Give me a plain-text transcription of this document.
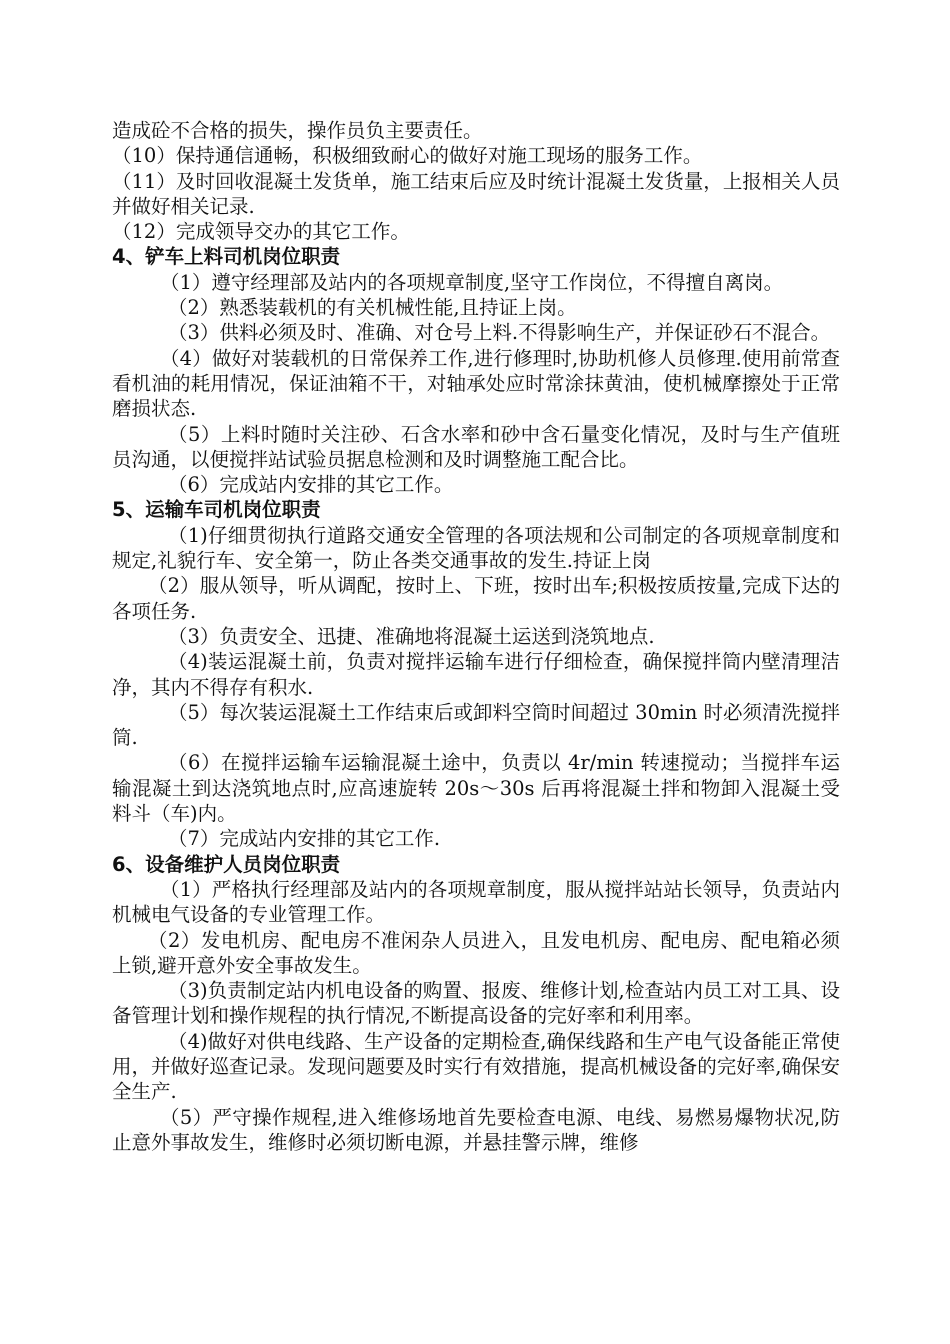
造成砼不合格的损失，操作员负主要责任。

（10）保持通信通畅，积极细致耐心的做好对施工现场的服务工作。

（11）及时回收混凝土发货单，施工结束后应及时统计混凝土发货量，上报相关人员并做好相关记录.

（12）完成领导交办的其它工作。

4、铲车上料司机岗位职责

（1）遵守经理部及站内的各项规章制度,坚守工作岗位，不得擅自离岗。

（2）熟悉装载机的有关机械性能,且持证上岗。

（3）供料必须及时、准确、对仓号上料.不得影响生产，并保证砂石不混合。

（4）做好对装载机的日常保养工作,进行修理时,协助机修人员修理.使用前常查看机油的耗用情况，保证油箱不干，对轴承处应时常涂抹黄油，使机械摩擦处于正常磨损状态.

（5）上料时随时关注砂、石含水率和砂中含石量变化情况，及时与生产值班员沟通，以便搅拌站试验员据息检测和及时调整施工配合比。

（6）完成站内安排的其它工作。

5、运输车司机岗位职责

（1)仔细贯彻执行道路交通安全管理的各项法规和公司制定的各项规章制度和规定,礼貌行车、安全第一，防止各类交通事故的发生.持证上岗

（2）服从领导，听从调配，按时上、下班，按时出车;积极按质按量,完成下达的各项任务.

（3）负责安全、迅捷、准确地将混凝土运送到浇筑地点.

（4)装运混凝土前，负责对搅拌运输车进行仔细检查，确保搅拌筒内壁清理洁净，其内不得存有积水.

（5）每次装运混凝土工作结束后或卸料空筒时间超过 30min 时必须清洗搅拌筒.

（6）在搅拌运输车运输混凝土途中，负责以 4r/min 转速搅动；当搅拌车运输混凝土到达浇筑地点时,应高速旋转 20s～30s 后再将混凝土拌和物卸入混凝土受料斗（车)内。

（7）完成站内安排的其它工作.

6、设备维护人员岗位职责

（1）严格执行经理部及站内的各项规章制度，服从搅拌站站长领导，负责站内机械电气设备的专业管理工作。

（2）发电机房、配电房不准闲杂人员进入，且发电机房、配电房、配电箱必须上锁,避开意外安全事故发生。

（3)负责制定站内机电设备的购置、报废、维修计划,检查站内员工对工具、设备管理计划和操作规程的执行情况,不断提高设备的完好率和利用率。

（4)做好对供电线路、生产设备的定期检查,确保线路和生产电气设备能正常使用，并做好巡查记录。发现问题要及时实行有效措施，提高机械设备的完好率,确保安全生产.

（5）严守操作规程,进入维修场地首先要检查电源、电线、易燃易爆物状况,防止意外事故发生，维修时必须切断电源，并悬挂警示牌，维修
